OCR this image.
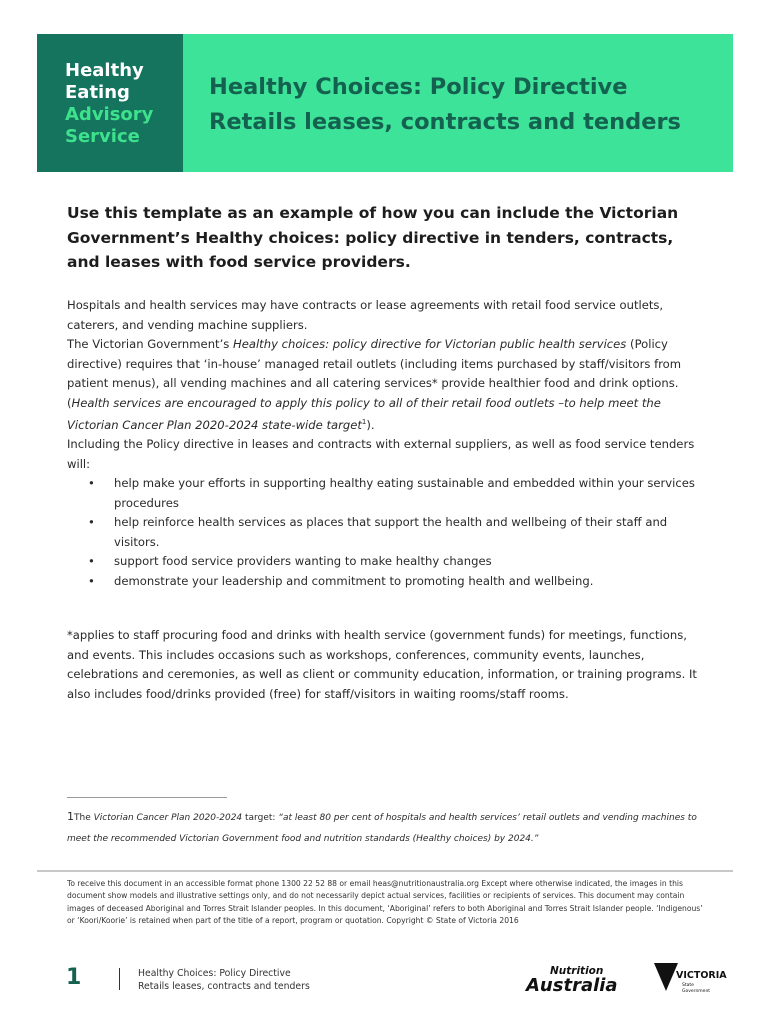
Healthy
Eating
Advisory
Service
Healthy Choices: Policy Directive
Retails leases, contracts and tenders
Use this template as an example of how you can include the Victorian Government’s Healthy choices: policy directive in tenders, contracts, and leases with food service providers.

Hospitals and health services may have contracts or lease agreements with retail food service outlets, caterers, and vending machine suppliers.

The Victorian Government’s Healthy choices: policy directive for Victorian public health services (Policy directive) requires that ‘in-house’ managed retail outlets (including items purchased by staff/visitors from patient menus), all vending machines and all catering services* provide healthier food and drink options.

(Health services are encouraged to apply this policy to all of their retail food outlets –to help meet the Victorian Cancer Plan 2020-2024 state-wide target$^1$).

Including the Policy directive in leases and contracts with external suppliers, as well as food service tenders will:

• help make your efforts in supporting healthy eating sustainable and embedded within your services procedures
• help reinforce health services as places that support the health and wellbeing of their staff and visitors.
• support food service providers wanting to make healthy changes
• demonstrate your leadership and commitment to promoting health and wellbeing.
*applies to staff procuring food and drinks with health service (government funds) for meetings, functions, and events. This includes occasions such as workshops, conferences, community events, launches, celebrations and ceremonies, as well as client or community education, information, or training programs. It also includes food/drinks provided (free) for staff/visitors in waiting rooms/staff rooms.
1The Victorian Cancer Plan 2020-2024 target: “at least 80 per cent of hospitals and health services’ retail outlets and vending machines to meet the recommended Victorian Government food and nutrition standards (Healthy choices) by 2024.”
To receive this document in an accessible format phone 1300 22 52 88 or email heas@nutritionaustralia.org Except where otherwise indicated, the images in this document show models and illustrative settings only, and do not necessarily depict actual services, facilities or recipients of services. This document may contain images of deceased Aboriginal and Torres Strait Islander peoples. In this document, ‘Aboriginal’ refers to both Aboriginal and Torres Strait Islander people. ‘Indigenous’ or ‘Koori/Koorie’ is retained when part of the title of a report, program or quotation. Copyright © State of Victoria 2016
1	Healthy Choices: Policy Directive
Retails leases, contracts and tenders
Nutrition
Australia	VICTORIA
State
Government
